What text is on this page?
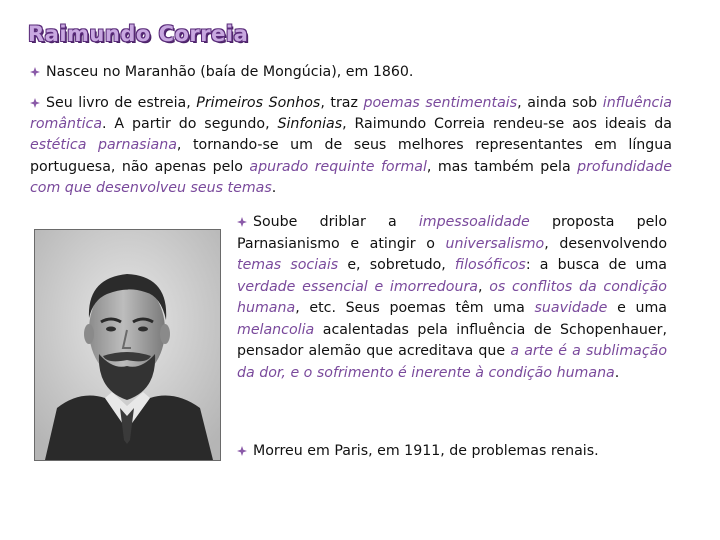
Raimundo Correia
Nasceu no Maranhão (baía de Mongúcia), em 1860.
Seu livro de estreia, Primeiros Sonhos, traz poemas sentimentais, ainda sob influência romântica. A partir do segundo, Sinfonias, Raimundo Correia rendeu-se aos ideais da estética parnasiana, tornando-se um de seus melhores representantes em língua portuguesa, não apenas pelo apurado requinte formal, mas também pela profundidade com que desenvolveu seus temas.
Soube driblar a impessoalidade proposta pelo Parnasianismo e atingir o universalismo, desenvolvendo temas sociais e, sobretudo, filosóficos: a busca de uma verdade essencial e imorredoura, os conflitos da condição humana, etc. Seus poemas têm uma suavidade e uma melancolia acalentadas pela influência de Schopenhauer, pensador alemão que acreditava que a arte é a sublimação da dor, e o sofrimento é inerente à condição humana.
Morreu em Paris, em 1911, de problemas renais.
